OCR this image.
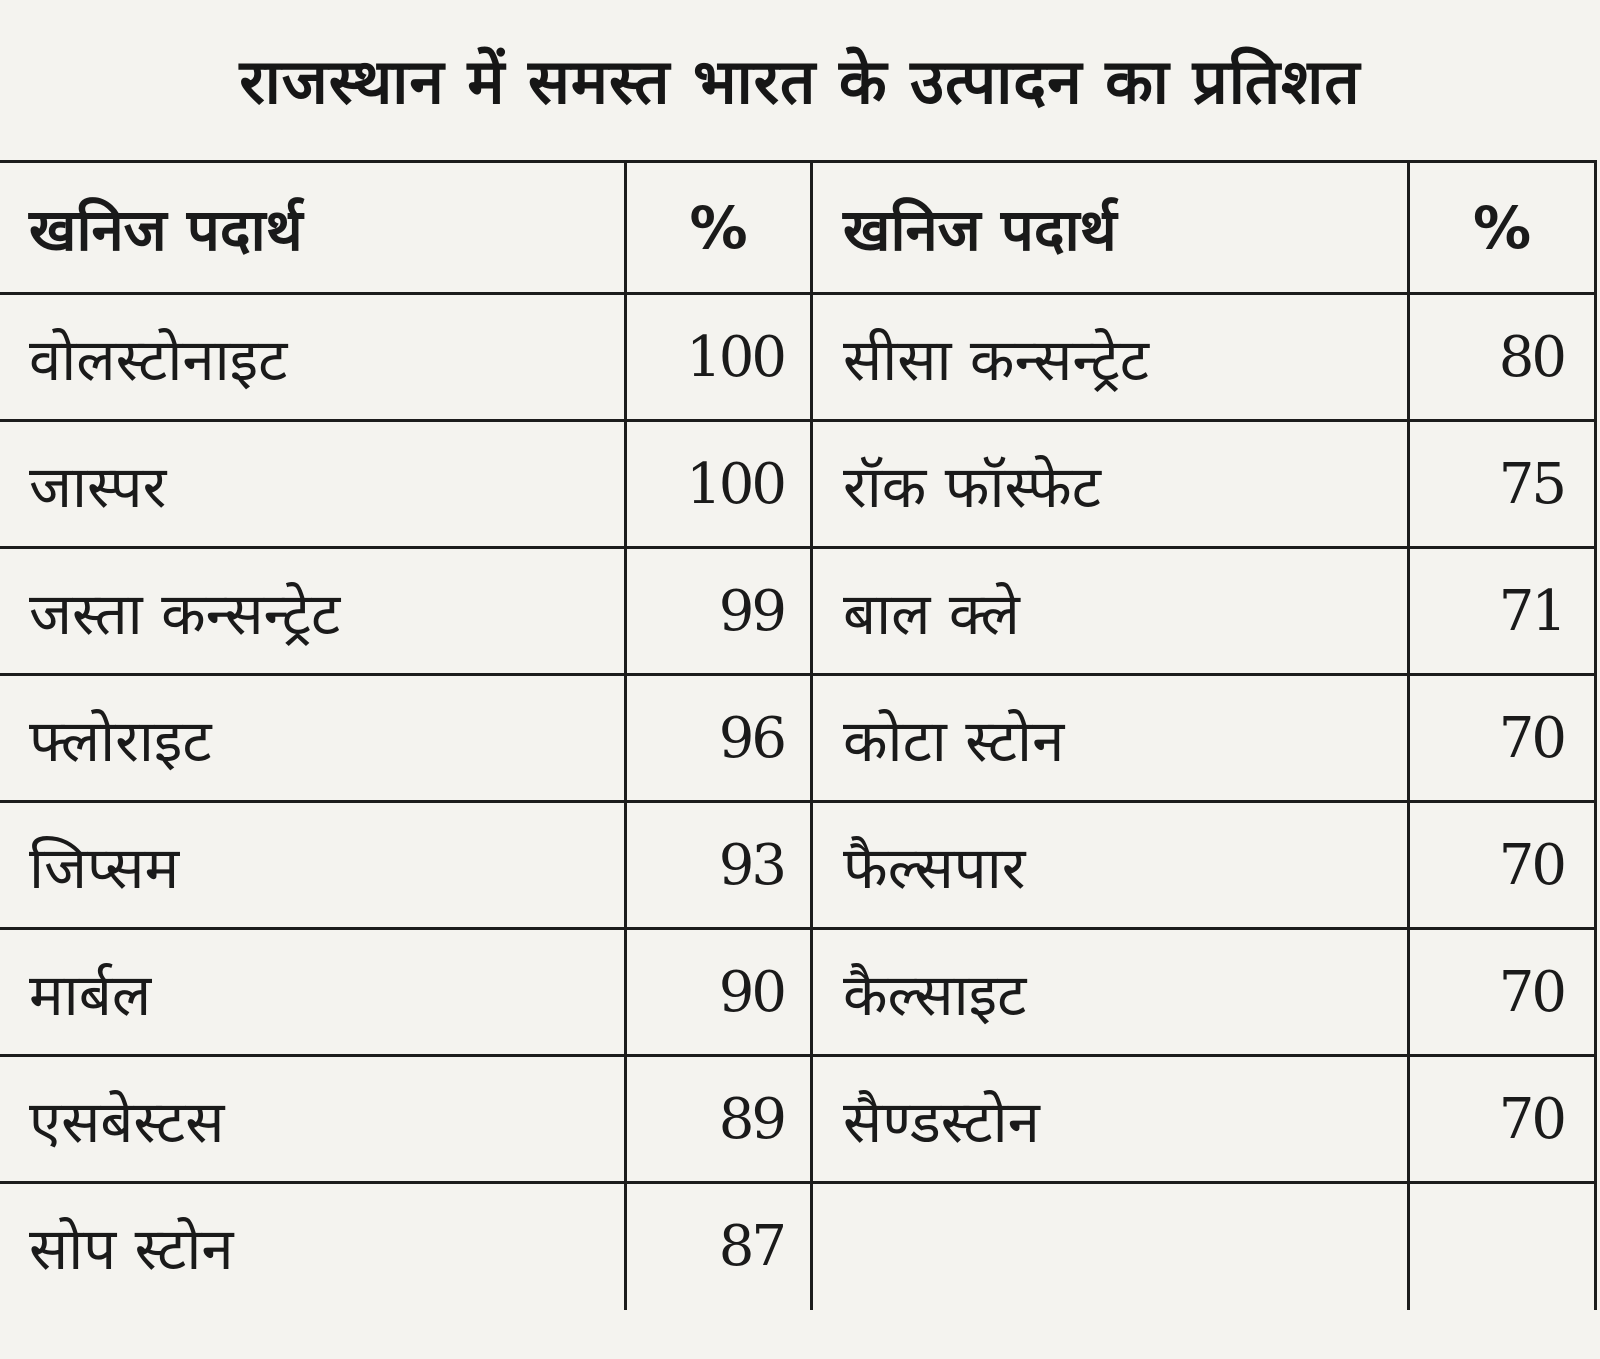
राजस्थान में समस्त भारत के उत्पादन का प्रतिशत
खनिज पदार्थ	%	खनिज पदार्थ	%
वोलस्टोनाइट	100	सीसा कन्सन्ट्रेट	80
जास्पर	100	रॉक फॉस्फेट	75
जस्ता कन्सन्ट्रेट	99	बाल क्ले	71
फ्लोराइट	96	कोटा स्टोन	70
जिप्सम	93	फैल्सपार	70
मार्बल	90	कैल्साइट	70
एसबेस्टस	89	सैण्डस्टोन	70
सोप स्टोन	87		
